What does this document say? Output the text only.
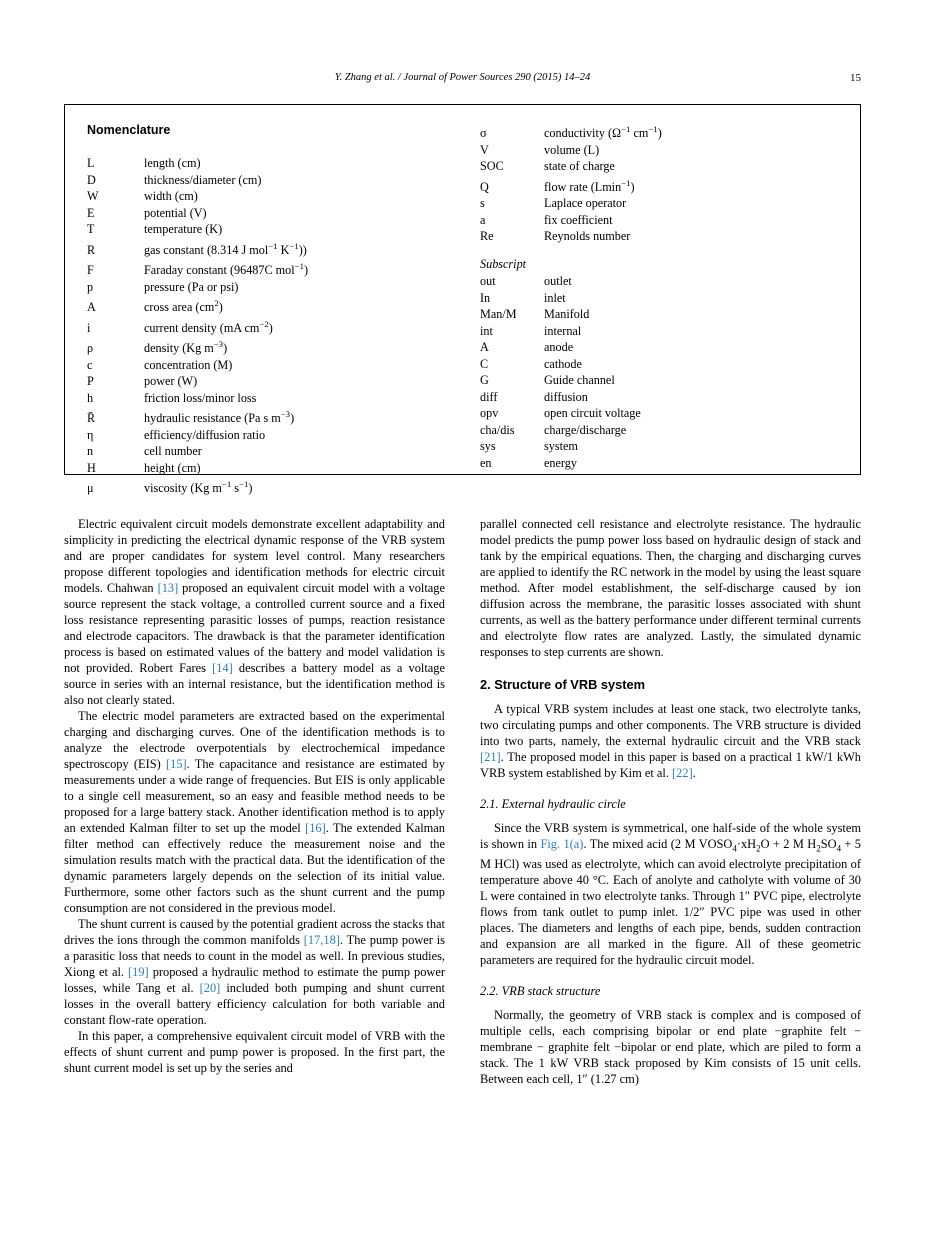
Y. Zhang et al. / Journal of Power Sources 290 (2015) 14–24	15
Nomenclature
L	length (cm)
D	thickness/diameter (cm)
W	width (cm)
E	potential (V)
T	temperature (K)
R	gas constant (8.314 J mol$^{-1}$ $K^{-1}$))
F	Faraday constant (96487C mol$^{-1}$)
p	pressure (Pa or psi)
A	cross area $(cm^2)$
i	current density (mA $cm^{-2}$)
ρ	density (Kg $m^{-3}$)
c	concentration (M)
P	power (W)
h	friction loss/minor loss
R̄	hydraulic resistance (Pa s $m^{-3}$)
η	efficiency/diffusion ratio
n	cell number
H	height (cm)
μ	viscosity (Kg $m^{-1}$ $s^{-1}$)
σ	conductivity ($\Omega^{-1}$ $cm^{-1}$)
V	volume (L)
SOC	state of charge
Q	flow rate (Lmin$^{-1}$)
s	Laplace operator
a	fix coefficient
Re	Reynolds number
Subscript
out	outlet
In	inlet
Man/M	Manifold
int	internal
A	anode
C	cathode
G	Guide channel
diff	diffusion
opv	open circuit voltage
cha/dis	charge/discharge
sys	system
en	energy

Electric equivalent circuit models demonstrate excellent adaptability and simplicity in predicting the electrical dynamic response of the VRB system and are proper candidates for system level control. Many researchers propose different topologies and identification methods for electric circuit models. Chahwan [13] proposed an equivalent circuit model with a voltage source represent the stack voltage, a controlled current source and a fixed loss resistance representing parasitic losses of pumps, reaction resistance and electrode capacitors. The drawback is that the parameter identification process is based on estimated values of the battery and model validation is not provided. Robert Fares [14] describes a battery model as a voltage source in series with an internal resistance, but the identification method is also not clearly stated.

The electric model parameters are extracted based on the experimental charging and discharging curves. One of the identification methods is to analyze the electrode overpotentials by electrochemical impedance spectroscopy (EIS) [15]. The capacitance and resistance are estimated by measurements under a wide range of frequencies. But EIS is only applicable to a single cell measurement, so an easy and feasible method needs to be proposed for a large battery stack. Another identification method is to apply an extended Kalman filter to set up the model [16]. The extended Kalman filter method can effectively reduce the measurement noise and the simulation results match with the practical data. But the identification of the dynamic parameters largely depends on the selection of its initial value. Furthermore, some other factors such as the shunt current and the pump consumption are not considered in the previous model.

The shunt current is caused by the potential gradient across the stacks that drives the ions through the common manifolds [17,18]. The pump power is a parasitic loss that needs to count in the model as well. In previous studies, Xiong et al. [19] proposed a hydraulic method to estimate the pump power losses, while Tang et al. [20] included both pumping and shunt current losses in the overall battery efficiency calculation for both variable and constant flow-rate operation.

In this paper, a comprehensive equivalent circuit model of VRB with the effects of shunt current and pump power is proposed. In the first part, the shunt current model is set up by the series and

parallel connected cell resistance and electrolyte resistance. The hydraulic model predicts the pump power loss based on hydraulic design of stack and tank by the empirical equations. Then, the charging and discharging curves are applied to identify the RC network in the model by using the least square method. After model establishment, the self-discharge caused by ion diffusion across the membrane, the parasitic losses associated with shunt currents, as well as the battery performance under different terminal currents and electrolyte flow rates are analyzed. Lastly, the simulated dynamic responses to step currents are shown.

2. Structure of VRB system

A typical VRB system includes at least one stack, two electrolyte tanks, two circulating pumps and other components. The VRB structure is divided into two parts, namely, the external hydraulic circuit and the VRB stack [21]. The proposed model in this paper is based on a practical 1 kW/1 kWh VRB system established by Kim et al. [22].

2.1. External hydraulic circle

Since the VRB system is symmetrical, one half-side of the whole system is shown in Fig. 1(a). The mixed acid (2 M $VOSO_4\cdot xH_2O + 2$ M $H_2SO_4 + 5$ M HCl) was used as electrolyte, which can avoid electrolyte precipitation of temperature above 40 °C. Each of anolyte and catholyte with volume of 30 L were contained in two electrolyte tanks. Through 1″ PVC pipe, electrolyte flows from tank outlet to pump inlet. 1/2″ PVC pipe was used in other places. The diameters and lengths of each pipe, bends, sudden contraction and expansion are all marked in the figure. All of these geometric parameters are required for the hydraulic circuit model.

2.2. VRB stack structure

Normally, the geometry of VRB stack is complex and is composed of multiple cells, each comprising bipolar or end plate −graphite felt − membrane − graphite felt −bipolar or end plate, which are piled to form a stack. The 1 kW VRB stack proposed by Kim consists of 15 unit cells. Between each cell, 1″ (1.27 cm)
